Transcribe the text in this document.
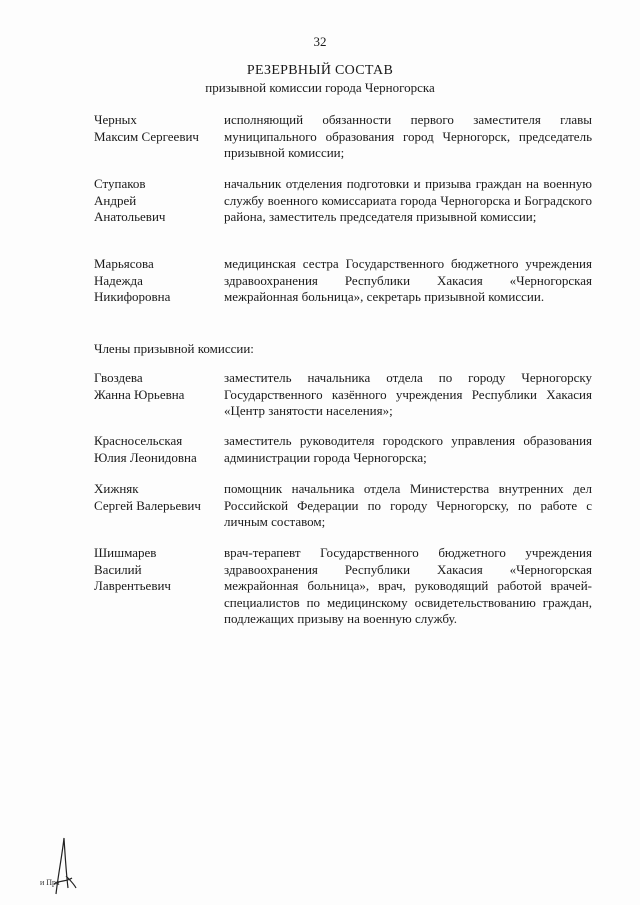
32
РЕЗЕРВНЫЙ СОСТАВ
призывной комиссии города Черногорска
Черных
Максим Сергеевич
исполняющий обязанности первого заместителя главы муниципального образования город Черногорск, председатель призывной комиссии;
Ступаков
Андрей
Анатольевич
начальник отделения подготовки и призыва граждан на военную службу военного комиссариата города Черногорска и Боградского района, заместитель председателя призывной комиссии;
Марьясова
Надежда
Никифоровна
медицинская сестра Государственного бюджетного учреждения здравоохранения Республики Хакасия «Черногорская межрайонная больница», секретарь призывной комиссии.
Члены призывной комиссии:
Гвоздева
Жанна Юрьевна
заместитель начальника отдела по городу Черногорску Государственного казённого учреждения Республики Хакасия «Центр занятости населения»;
Красносельская
Юлия Леонидовна
заместитель руководителя городского управления образования администрации города Черногорска;
Хижняк
Сергей Валерьевич
помощник начальника отдела Министерства внутренних дел Российской Федерации по городу Черногорску, по работе с личным составом;
Шишмарев
Василий
Лаврентьевич
врач-терапевт Государственного бюджетного учреждения здравоохранения Республики Хакасия «Черногорская межрайонная больница», врач, руководящий работой врачей-специалистов по медицинскому освидетельствованию граждан, подлежащих призыву на военную службу.
и Пра
